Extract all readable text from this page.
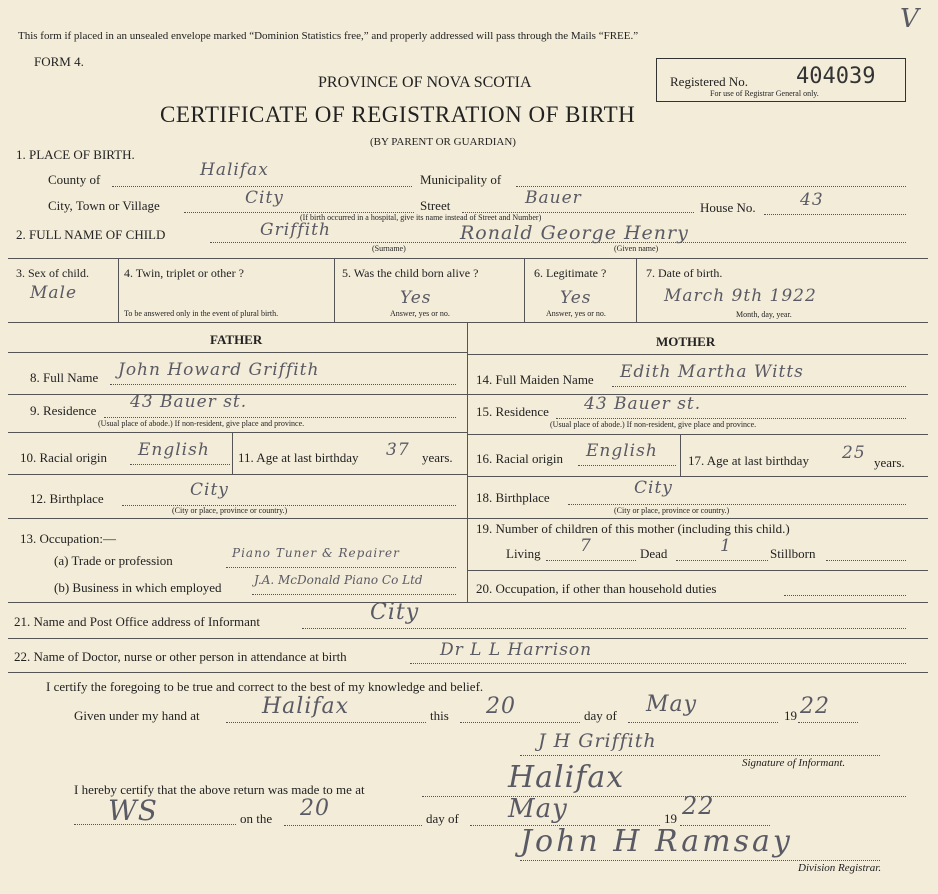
This form if placed in an unsealed envelope marked “Dominion Statistics free,” and properly addressed will pass through the Mails “FREE.”
V
FORM 4.
PROVINCE OF NOVA SCOTIA
CERTIFICATE OF REGISTRATION OF BIRTH
(BY PARENT OR GUARDIAN)
Registered No. 404039
For use of Registrar General only.
1. PLACE OF BIRTH.
County of	Halifax	Municipality of
City, Town or Village	City	Street	Bauer	House No.	43
(If birth occurred in a hospital, give its name instead of Street and Number)
2. FULL NAME OF CHILD	Griffith	Ronald George Henry
(Surname)	(Given name)
3. Sex of child.
Male
4. Twin, triplet or other ?
To be answered only in the event of plural birth.
5. Was the child born alive ?
Yes
Answer, yes or no.
6. Legitimate ?
Yes
Answer, yes or no.
7. Date of birth.
March 9th 1922
Month, day, year.
FATHER	MOTHER
8. Full Name John Howard Griffith
9. Residence 43 Bauer st.
(Usual place of abode.) If non-resident, give place and province.
10. Racial origin English 11. Age at last birthday 37 years.
12. Birthplace	City
(City or place, province or country.)
13. Occupation:—
(a) Trade or profession	Piano Tuner & Repairer
(b) Business in which employed	J.A. McDonald Piano Co Ltd
14. Full Maiden Name Edith Martha Witts
15. Residence 43 Bauer st.
(Usual place of abode.) If non-resident, give place and province.
16. Racial origin English 17. Age at last birthday 25 years.
18. Birthplace	City
(City or place, province or country.)
19. Number of children of this mother (including this child.)
Living 7	Dead	1	Stillborn
20. Occupation, if other than household duties
21. Name and Post Office address of Informant	City
22. Name of Doctor, nurse or other person in attendance at birth	Dr L L Harrison
I certify the foregoing to be true and correct to the best of my knowledge and belief.
Given under my hand at	Halifax	this 20	day of May	19 22
J H Griffith
Signature of Informant.
I hereby certify that the above return was made to me at	Halifax
WS	on the 20	day of May	19 22
John H Ramsay
Division Registrar.
